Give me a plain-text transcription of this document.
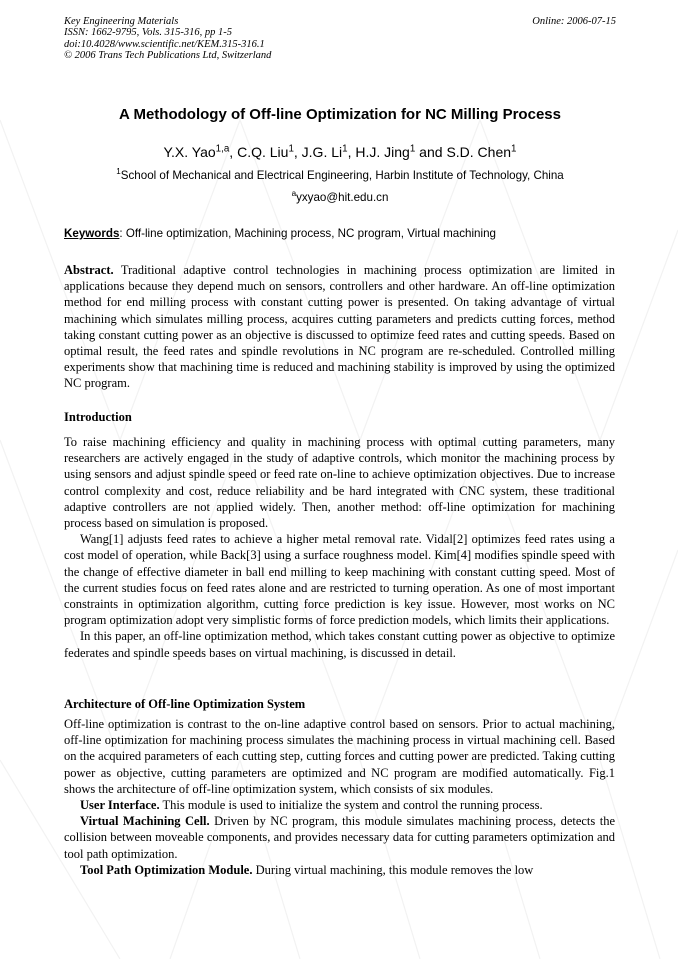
Key Engineering Materials
ISSN: 1662-9795, Vols. 315-316, pp 1-5
doi:10.4028/www.scientific.net/KEM.315-316.1
© 2006 Trans Tech Publications Ltd, Switzerland
Online: 2006-07-15
A Methodology of Off-line Optimization for NC Milling Process
Y.X. Yao$^{1,a}$, C.Q. Liu$^1$, J.G. Li$^1$, H.J. Jing$^1$ and S.D. Chen$^1$
$^1$School of Mechanical and Electrical Engineering, Harbin Institute of Technology, China
$^a$yxyao@hit.edu.cn
Keywords: Off-line optimization, Machining process, NC program, Virtual machining

Abstract. Traditional adaptive control technologies in machining process optimization are limited in applications because they depend much on sensors, controllers and other hardware. An off-line optimization method for end milling process with constant cutting power is presented. On taking advantage of virtual machining which simulates milling process, acquires cutting parameters and predicts cutting forces, method taking constant cutting power as an objective is discussed to optimize feed rates and cutting speeds. Based on optimal result, the feed rates and spindle revolutions in NC program are re-scheduled. Controlled milling experiments show that machining time is reduced and machining stability is improved by using the optimized NC program.

Introduction

To raise machining efficiency and quality in machining process with optimal cutting parameters, many researchers are actively engaged in the study of adaptive controls, which monitor the machining process by using sensors and adjust spindle speed or feed rate on-line to achieve optimization objectives. Due to increase control complexity and cost, reduce reliability and be hard integrated with CNC system, these traditional adaptive controllers are not applied widely. Then, another method: off-line optimization for machining process based on simulation is proposed.

Wang[1] adjusts feed rates to achieve a higher metal removal rate. Vidal[2] optimizes feed rates using a cost model of operation, while Back[3] using a surface roughness model. Kim[4] modifies spindle speed with the change of effective diameter in ball end milling to keep machining with constant cutting speed. Most of the current studies focus on feed rates alone and are restricted to turning operation. As one of most important constraints in optimization algorithm, cutting force prediction is key issue. However, most works on NC program optimization adopt very simplistic forms of force prediction models, which limits their applications.

In this paper, an off-line optimization method, which takes constant cutting power as objective to optimize federates and spindle speeds bases on virtual machining, is discussed in detail.

Architecture of Off-line Optimization System

Off-line optimization is contrast to the on-line adaptive control based on sensors. Prior to actual machining, off-line optimization for machining process simulates the machining process in virtual machining cell. Based on the acquired parameters of each cutting step, cutting forces and cutting power are predicted. Taking cutting power as objective, cutting parameters are optimized and NC program are modified automatically. Fig.1 shows the architecture of off-line optimization system, which consists of six modules.

User Interface. This module is used to initialize the system and control the running process.

Virtual Machining Cell. Driven by NC program, this module simulates machining process, detects the collision between moveable components, and provides necessary data for cutting parameters optimization and tool path optimization.

Tool Path Optimization Module. During virtual machining, this module removes the low
